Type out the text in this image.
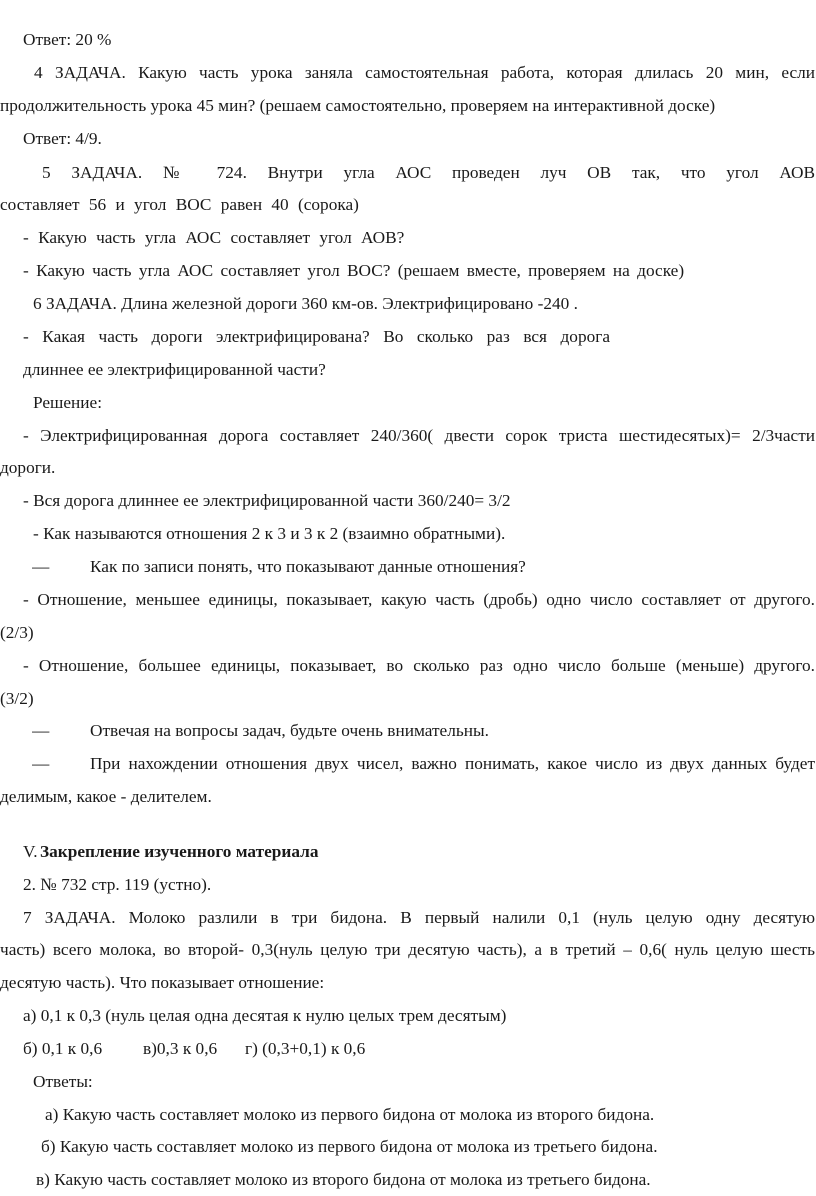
Ответ: 20 %
4 ЗАДАЧА. Какую часть урока заняла самостоятельная работа, которая длилась 20 мин, если
продолжительность урока 45 мин? (решаем самостоятельно, проверяем на интерактивной доске)
Ответ: 4/9.
5 ЗАДАЧА. № 724. Внутри угла АОС проведен луч ОВ так, что угол АОВ
составляет 56 и угол ВОС равен 40 (сорока)
- Какую часть угла АОС составляет угол АОВ?
- Какую часть угла АОС составляет угол ВОС? (решаем вместе, проверяем на доске)
6 ЗАДАЧА. Длина железной дороги 360 км-ов. Электрифицировано -240 .
- Какая часть дороги электрифицирована? Во сколько раз вся дорога
длиннее ее электрифицированной части?
Решение:
- Электрифицированная дорога составляет 240/360( двести сорок триста шестидесятых)= 2/3части
дороги.
- Вся дорога длиннее ее электрифицированной части 360/240= 3/2
- Как называются отношения 2 к 3 и 3 к 2 (взаимно обратными).
—	Как по записи понять, что показывают данные отношения?
- Отношение, меньшее единицы, показывает, какую часть (дробь) одно число составляет от другого.
(2/3)
- Отношение, большее единицы, показывает, во сколько раз одно число больше (меньше) другого.
(3/2)
—	Отвечая на вопросы задач, будьте очень внимательны.
—	При нахождении отношения двух чисел, важно понимать, какое число из двух данных будет
делимым, какое - делителем.
V. Закрепление изученного материала
2. № 732 стр. 119 (устно).
7 ЗАДАЧА. Молоко разлили в три бидона. В первый налили 0,1 (нуль целую одну десятую
часть) всего молока, во второй- 0,3(нуль целую три десятую часть), а в третий – 0,6( нуль целую шесть
десятую часть). Что показывает отношение:
а) 0,1 к 0,3 (нуль целая одна десятая к нулю целых трем десятым)
б) 0,1 к 0,6	в)0,3 к 0,6	г) (0,3+0,1) к 0,6
Ответы:
а) Какую часть составляет молоко из первого бидона от молока из второго бидона.
б) Какую часть составляет молоко из первого бидона от молока из третьего бидона.
в) Какую часть составляет молоко из второго бидона от молока из третьего бидона.
